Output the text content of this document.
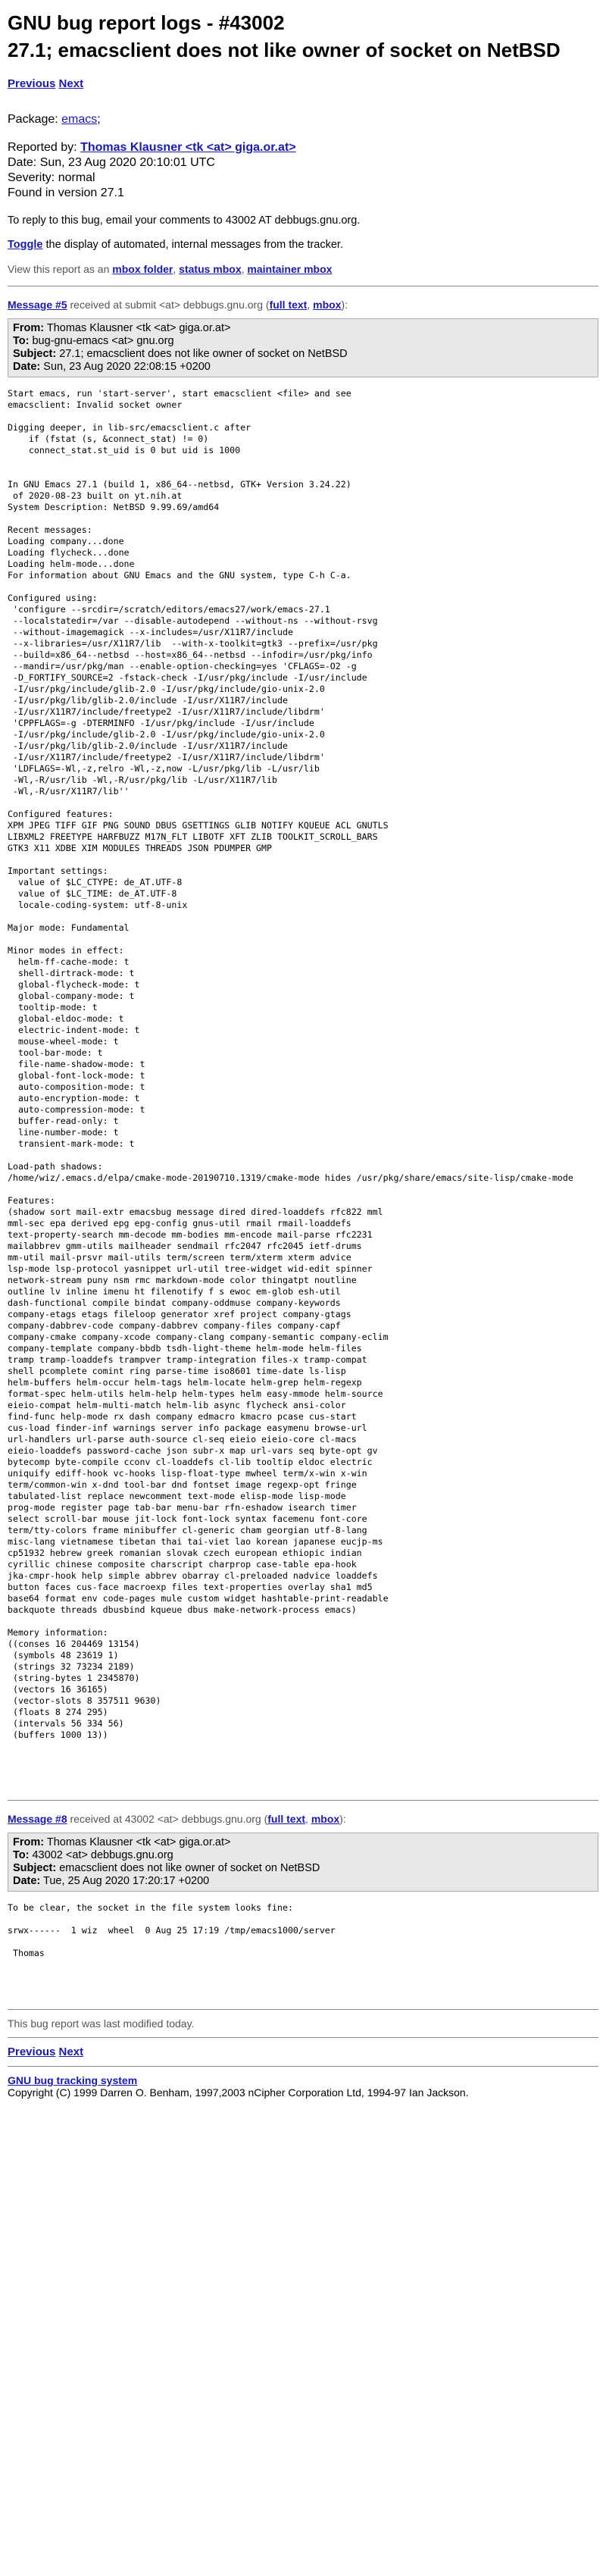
GNU bug report logs - #43002
27.1; emacsclient does not like owner of socket on NetBSD
Previous Next
Package: emacs;
Reported by: Thomas Klausner <tk <at> giga.or.at>
Date: Sun, 23 Aug 2020 20:10:01 UTC
Severity: normal
Found in version 27.1

To reply to this bug, email your comments to 43002 AT debbugs.gnu.org.

Toggle the display of automated, internal messages from the tracker.

View this report as an mbox folder, status mbox, maintainer mbox

Message #5 received at submit <at> debbugs.gnu.org (full text, mbox):
From: Thomas Klausner <tk <at> giga.or.at>
To: bug-gnu-emacs <at> gnu.org
Subject: 27.1; emacsclient does not like owner of socket on NetBSD
Date: Sun, 23 Aug 2020 22:08:15 +0200
Start emacs, run 'start-server', start emacsclient <file> and see
emacsclient: Invalid socket owner

Digging deeper, in lib-src/emacsclient.c after
if (fstat (s, &connect_stat) != 0)
connect_stat.st_uid is 0 but uid is 1000

In GNU Emacs 27.1 (build 1, x86_64--netbsd, GTK+ Version 3.24.22)
of 2020-08-23 built on yt.nih.at
System Description: NetBSD 9.99.69/amd64

Recent messages:
Loading company...done
Loading flycheck...done
Loading helm-mode...done
For information about GNU Emacs and the GNU system, type C-h C-a.

Configured using:
'configure --srcdir=/scratch/editors/emacs27/work/emacs-27.1
--localstatedir=/var --disable-autodepend --without-ns --without-rsvg
--without-imagemagick --x-includes=/usr/X11R7/include
--x-libraries=/usr/X11R7/lib  --with-x-toolkit=gtk3 --prefix=/usr/pkg
--build=x86_64--netbsd --host=x86_64--netbsd --infodir=/usr/pkg/info
--mandir=/usr/pkg/man --enable-option-checking=yes 'CFLAGS=-O2 -g
-D_FORTIFY_SOURCE=2 -fstack-check -I/usr/pkg/include -I/usr/include
-I/usr/pkg/include/glib-2.0 -I/usr/pkg/include/gio-unix-2.0
-I/usr/pkg/lib/glib-2.0/include -I/usr/X11R7/include
-I/usr/X11R7/include/freetype2 -I/usr/X11R7/include/libdrm'
'CPPFLAGS=-g -DTERMINFO -I/usr/pkg/include -I/usr/include
-I/usr/pkg/include/glib-2.0 -I/usr/pkg/include/gio-unix-2.0
-I/usr/pkg/lib/glib-2.0/include -I/usr/X11R7/include
-I/usr/X11R7/include/freetype2 -I/usr/X11R7/include/libdrm'
'LDFLAGS=-Wl,-z,relro -Wl,-z,now -L/usr/pkg/lib -L/usr/lib
-Wl,-R/usr/lib -Wl,-R/usr/pkg/lib -L/usr/X11R7/lib
-Wl,-R/usr/X11R7/lib''

Configured features:
XPM JPEG TIFF GIF PNG SOUND DBUS GSETTINGS GLIB NOTIFY KQUEUE ACL GNUTLS
LIBXML2 FREETYPE HARFBUZZ M17N_FLT LIBOTF XFT ZLIB TOOLKIT_SCROLL_BARS
GTK3 X11 XDBE XIM MODULES THREADS JSON PDUMPER GMP

Important settings:
value of $LC_CTYPE: de_AT.UTF-8
value of $LC_TIME: de_AT.UTF-8
locale-coding-system: utf-8-unix

Major mode: Fundamental

Minor modes in effect:
helm-ff-cache-mode: t
shell-dirtrack-mode: t
global-flycheck-mode: t
global-company-mode: t
tooltip-mode: t
global-eldoc-mode: t
electric-indent-mode: t
mouse-wheel-mode: t
tool-bar-mode: t
file-name-shadow-mode: t
global-font-lock-mode: t
auto-composition-mode: t
auto-encryption-mode: t
auto-compression-mode: t
buffer-read-only: t
line-number-mode: t
transient-mark-mode: t

Load-path shadows:
/home/wiz/.emacs.d/elpa/cmake-mode-20190710.1319/cmake-mode hides /usr/pkg/share/emacs/site-lisp/cmake-mode

Features:
(shadow sort mail-extr emacsbug message dired dired-loaddefs rfc822 mml
mml-sec epa derived epg epg-config gnus-util rmail rmail-loaddefs
text-property-search mm-decode mm-bodies mm-encode mail-parse rfc2231
mailabbrev gmm-utils mailheader sendmail rfc2047 rfc2045 ietf-drums
mm-util mail-prsvr mail-utils term/screen term/xterm xterm advice
lsp-mode lsp-protocol yasnippet url-util tree-widget wid-edit spinner
network-stream puny nsm rmc markdown-mode color thingatpt noutline
outline lv inline imenu ht filenotify f s ewoc em-glob esh-util
dash-functional compile bindat company-oddmuse company-keywords
company-etags etags fileloop generator xref project company-gtags
company-dabbrev-code company-dabbrev company-files company-capf
company-cmake company-xcode company-clang company-semantic company-eclim
company-template company-bbdb tsdh-light-theme helm-mode helm-files
tramp tramp-loaddefs trampver tramp-integration files-x tramp-compat
shell pcomplete comint ring parse-time iso8601 time-date ls-lisp
helm-buffers helm-occur helm-tags helm-locate helm-grep helm-regexp
format-spec helm-utils helm-help helm-types helm easy-mmode helm-source
eieio-compat helm-multi-match helm-lib async flycheck ansi-color
find-func help-mode rx dash company edmacro kmacro pcase cus-start
cus-load finder-inf warnings server info package easymenu browse-url
url-handlers url-parse auth-source cl-seq eieio eieio-core cl-macs
eieio-loaddefs password-cache json subr-x map url-vars seq byte-opt gv
bytecomp byte-compile cconv cl-loaddefs cl-lib tooltip eldoc electric
uniquify ediff-hook vc-hooks lisp-float-type mwheel term/x-win x-win
term/common-win x-dnd tool-bar dnd fontset image regexp-opt fringe
tabulated-list replace newcomment text-mode elisp-mode lisp-mode
prog-mode register page tab-bar menu-bar rfn-eshadow isearch timer
select scroll-bar mouse jit-lock font-lock syntax facemenu font-core
term/tty-colors frame minibuffer cl-generic cham georgian utf-8-lang
misc-lang vietnamese tibetan thai tai-viet lao korean japanese eucjp-ms
cp51932 hebrew greek romanian slovak czech european ethiopic indian
cyrillic chinese composite charscript charprop case-table epa-hook
jka-cmpr-hook help simple abbrev obarray cl-preloaded nadvice loaddefs
button faces cus-face macroexp files text-properties overlay sha1 md5
base64 format env code-pages mule custom widget hashtable-print-readable
backquote threads dbusbind kqueue dbus make-network-process emacs)

Memory information:
((conses 16 204469 13154)
(symbols 48 23619 1)
(strings 32 73234 2189)
(string-bytes 1 2345870)
(vectors 16 36165)
(vector-slots 8 357511 9630)
(floats 8 274 295)
(intervals 56 334 56)
(buffers 1000 13))
Message #8 received at 43002 <at> debbugs.gnu.org (full text, mbox):
From: Thomas Klausner <tk <at> giga.or.at>
To: 43002 <at> debbugs.gnu.org
Subject: emacsclient does not like owner of socket on NetBSD
Date: Tue, 25 Aug 2020 17:20:17 +0200
To be clear, the socket in the file system looks fine:

srwx------  1 wiz  wheel  0 Aug 25 17:19 /tmp/emacs1000/server

Thomas

This bug report was last modified today.

Previous Next
GNU bug tracking system
Copyright (C) 1999 Darren O. Benham, 1997,2003 nCipher Corporation Ltd, 1994-97 Ian Jackson.
